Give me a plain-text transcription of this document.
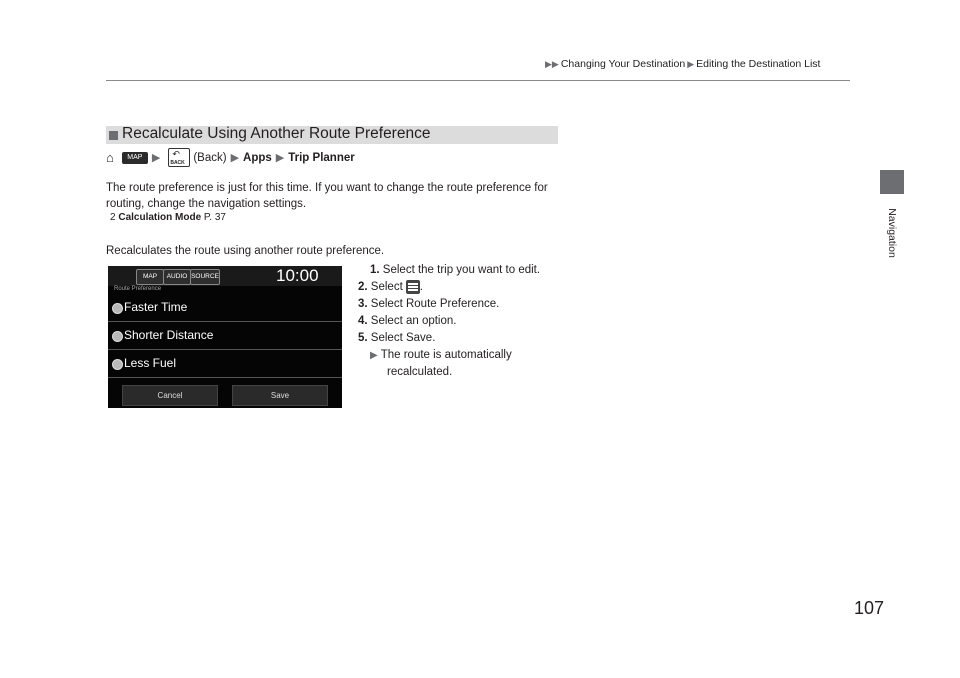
▶▶ Changing Your Destination ▶ Editing the Destination List
Navigation
Recalculate Using Another Route Preference
⌂	MAP ▶ ↶
BACK (Back) ▶ Apps ▶ Trip Planner
The route preference is just for this time. If you want to change the route preference for routing, change the navigation settings.
2 Calculation Mode P. 37
Recalculates the route using another route preference.
MAP	AUDIO SOURCE	10:00
Route Preference
Faster Time
Shorter Distance
Less Fuel
Cancel	Save
1. Select the trip you want to edit.
2. Select .
3. Select Route Preference.
4. Select an option.
5. Select Save.
▶ The route is automatically
recalculated.
107
